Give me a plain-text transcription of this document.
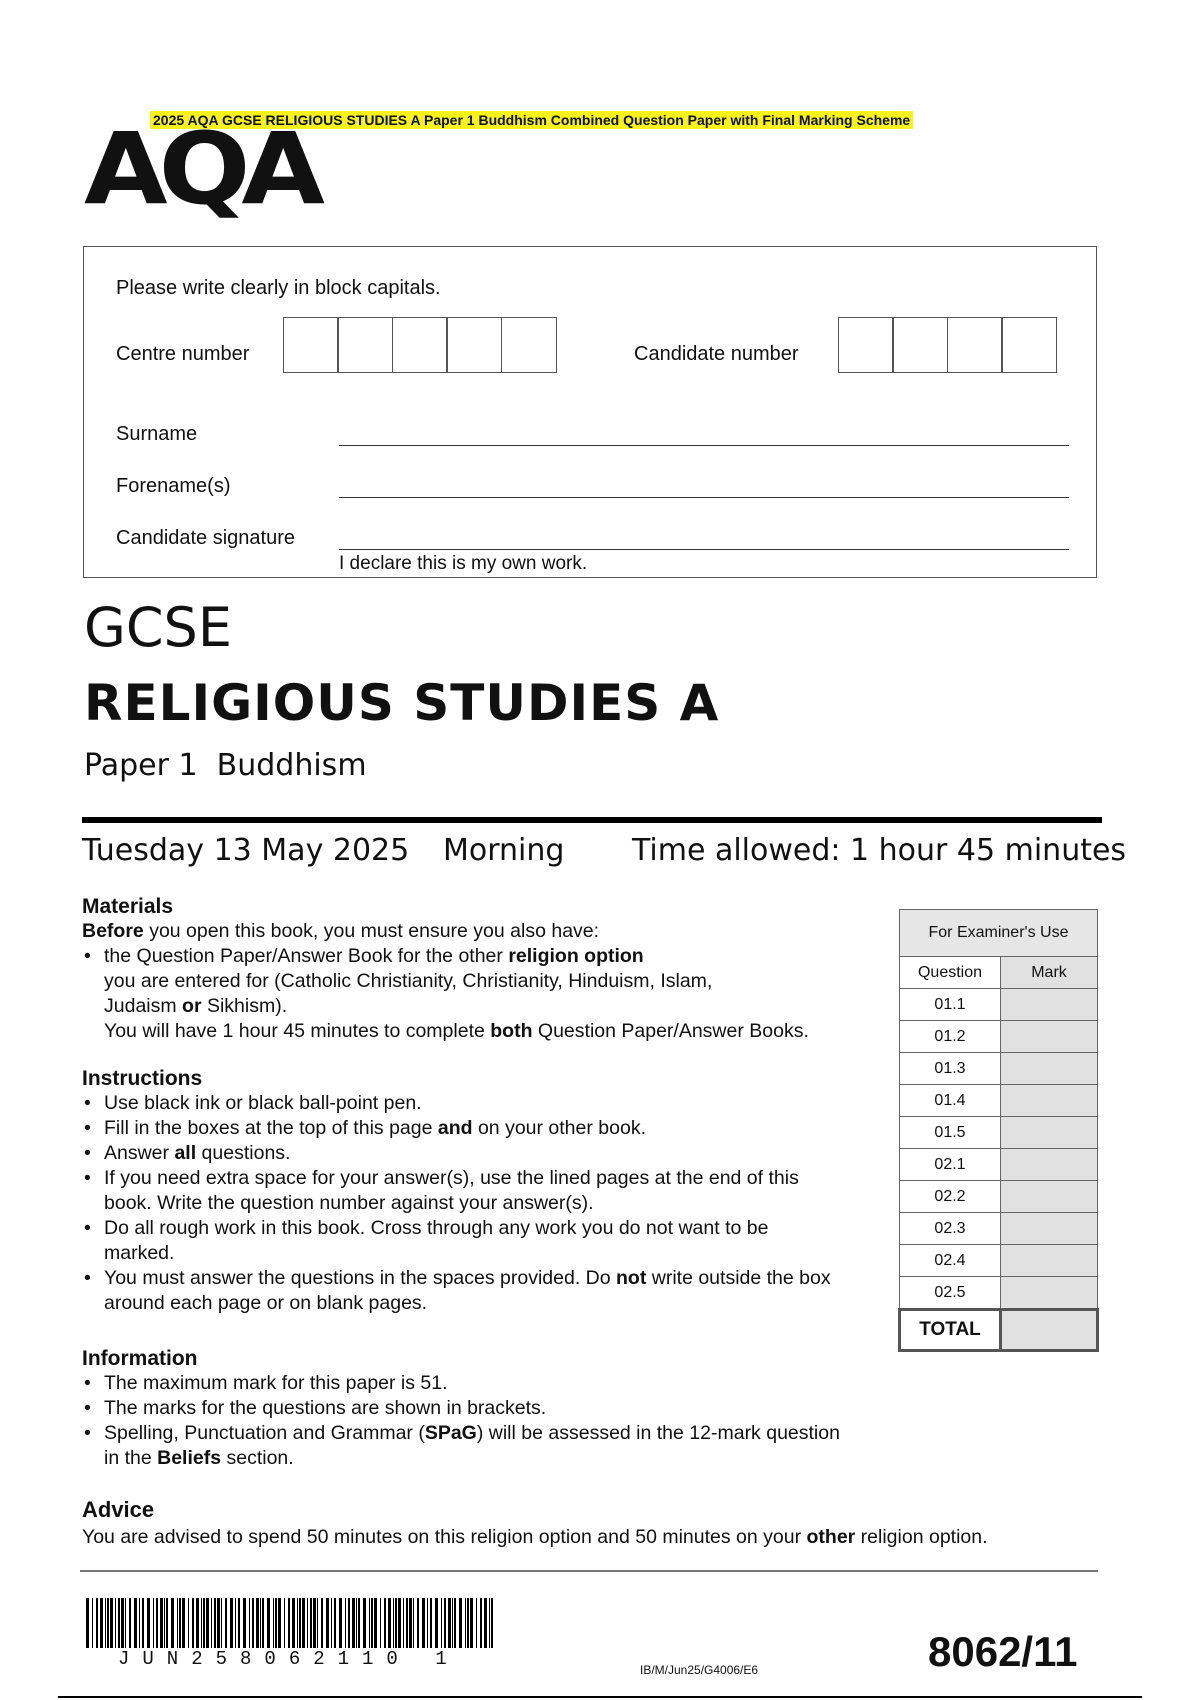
2025 AQA GCSE RELIGIOUS STUDIES A Paper 1 Buddhism Combined Question Paper with Final Marking Scheme
AQA
Please write clearly in block capitals.
Centre number	Candidate number
Surname
Forename(s)
Candidate signature
I declare this is my own work.
GCSE
RELIGIOUS STUDIES A
Paper 1  Buddhism
Tuesday 13 May 2025 Morning Time allowed: 1 hour 45 minutes
Materials
Before you open this book, you must ensure you also have:
• the Question Paper/Answer Book for the other religion option
you are entered for (Catholic Christianity, Christianity, Hinduism, Islam,
Judaism or Sikhism).
You will have 1 hour 45 minutes to complete both Question Paper/Answer Books.
Instructions
• Use black ink or black ball-point pen.
• Fill in the boxes at the top of this page and on your other book.
• Answer all questions.
• If you need extra space for your answer(s), use the lined pages at the end of this book. Write the question number against your answer(s).
• Do all rough work in this book. Cross through any work you do not want to be marked.
• You must answer the questions in the spaces provided. Do not write outside the box around each page or on blank pages.
Information
• The maximum mark for this paper is 51.
• The marks for the questions are shown in brackets.
• Spelling, Punctuation and Grammar (SPaG) will be assessed in the 12-mark question in the Beliefs section.
Advice
You are advised to spend 50 minutes on this religion option and 50 minutes on your other religion option.
For Examiner's Use	
Question	Mark
01.1	
01.2	
01.3	
01.4	
01.5	
02.1	
02.2	
02.3	
02.4	
02.5	
TOTAL	
JUN258062110 1	IB/M/Jun25/G4006/E6	8062/11
